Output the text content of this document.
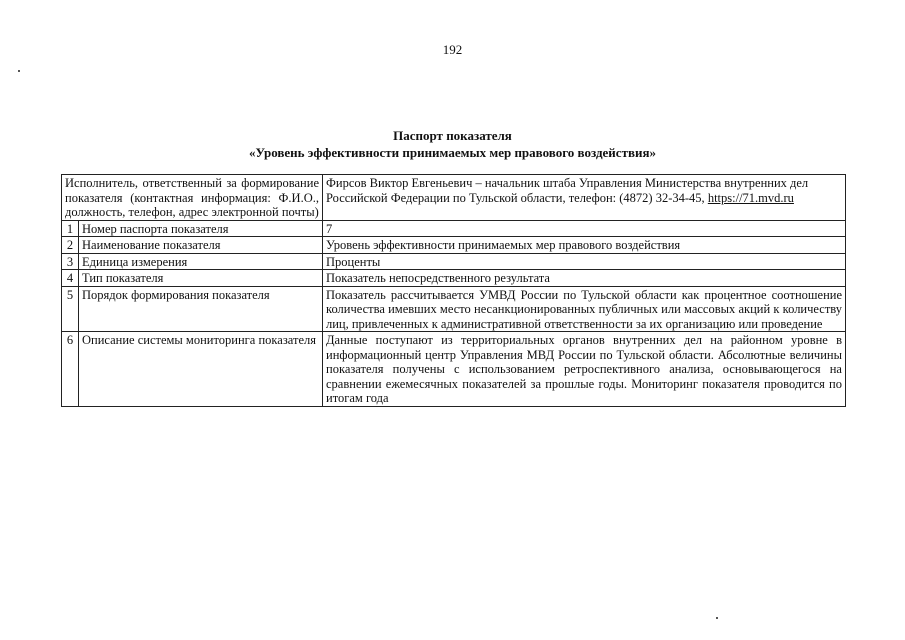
192
Паспорт показателя
«Уровень эффективности принимаемых мер правового воздействия»
Исполнитель, ответственный за формирование показателя (контактная информация: Ф.И.О., должность, телефон, адрес электронной почты)		Фирсов Виктор Евгеньевич – начальник штаба Управления Министерства внутренних дел Российской Федерации по Тульской области, телефон: (4872) 32-34-45, https://71.mvd.ru
1	Номер паспорта показателя	7
2	Наименование показателя	Уровень эффективности принимаемых мер правового воздействия
3	Единица измерения	Проценты
4	Тип показателя	Показатель непосредственного результата
5	Порядок формирования показателя	Показатель рассчитывается УМВД России по Тульской области как процентное соотношение количества имевших место несанкционированных публичных или массовых акций к количеству лиц, привлеченных к административной ответственности за их организацию или проведение
6	Описание системы мониторинга показателя	Данные поступают из территориальных органов внутренних дел на районном уровне в информационный центр Управления МВД России по Тульской области. Абсолютные величины показателя получены с использованием ретроспективного анализа, основывающегося на сравнении ежемесячных показателей за прошлые годы. Мониторинг показателя проводится по итогам года
